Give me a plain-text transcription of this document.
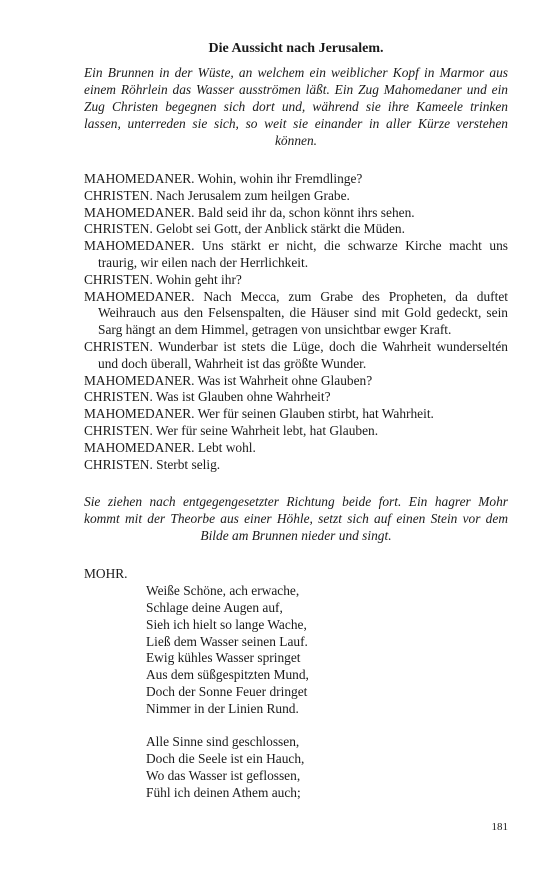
Die Aussicht nach Jerusalem.

Ein Brunnen in der Wüste, an welchem ein weiblicher Kopf in Marmor aus einem Röhrlein das Wasser ausströmen läßt. Ein Zug Mahomedaner und ein Zug Christen begegnen sich dort und, während sie ihre Kameele trinken lassen, unterreden sie sich, so weit sie einander in aller Kürze verstehen können.

MAHOMEDANER. Wohin, wohin ihr Fremdlinge?
CHRISTEN. Nach Jerusalem zum heilgen Grabe.
MAHOMEDANER. Bald seid ihr da, schon könnt ihrs sehen.
CHRISTEN. Gelobt sei Gott, der Anblick stärkt die Müden.
MAHOMEDANER. Uns stärkt er nicht, die schwarze Kirche macht uns traurig, wir eilen nach der Herrlichkeit.
CHRISTEN. Wohin geht ihr?
MAHOMEDANER. Nach Mecca, zum Grabe des Propheten, da duftet Weihrauch aus den Felsenspalten, die Häuser sind mit Gold gedeckt, sein Sarg hängt an dem Himmel, getragen von unsichtbar ewger Kraft.
CHRISTEN. Wunderbar ist stets die Lüge, doch die Wahrheit wunderseltén und doch überall, Wahrheit ist das größte Wunder.
MAHOMEDANER. Was ist Wahrheit ohne Glauben?
CHRISTEN. Was ist Glauben ohne Wahrheit?
MAHOMEDANER. Wer für seinen Glauben stirbt, hat Wahrheit.
CHRISTEN. Wer für seine Wahrheit lebt, hat Glauben.
MAHOMEDANER. Lebt wohl.
CHRISTEN. Sterbt selig.

Sie ziehen nach entgegengesetzter Richtung beide fort. Ein hagrer Mohr kommt mit der Theorbe aus einer Höhle, setzt sich auf einen Stein vor dem Bilde am Brunnen nieder und singt.

MOHR.
Weiße Schöne, ach erwache,
Schlage deine Augen auf,
Sieh ich hielt so lange Wache,
Ließ dem Wasser seinen Lauf.
Ewig kühles Wasser springet
Aus dem süßgespitzten Mund,
Doch der Sonne Feuer dringet
Nimmer in der Linien Rund.
Alle Sinne sind geschlossen,
Doch die Seele ist ein Hauch,
Wo das Wasser ist geflossen,
Fühl ich deinen Athem auch;
181
